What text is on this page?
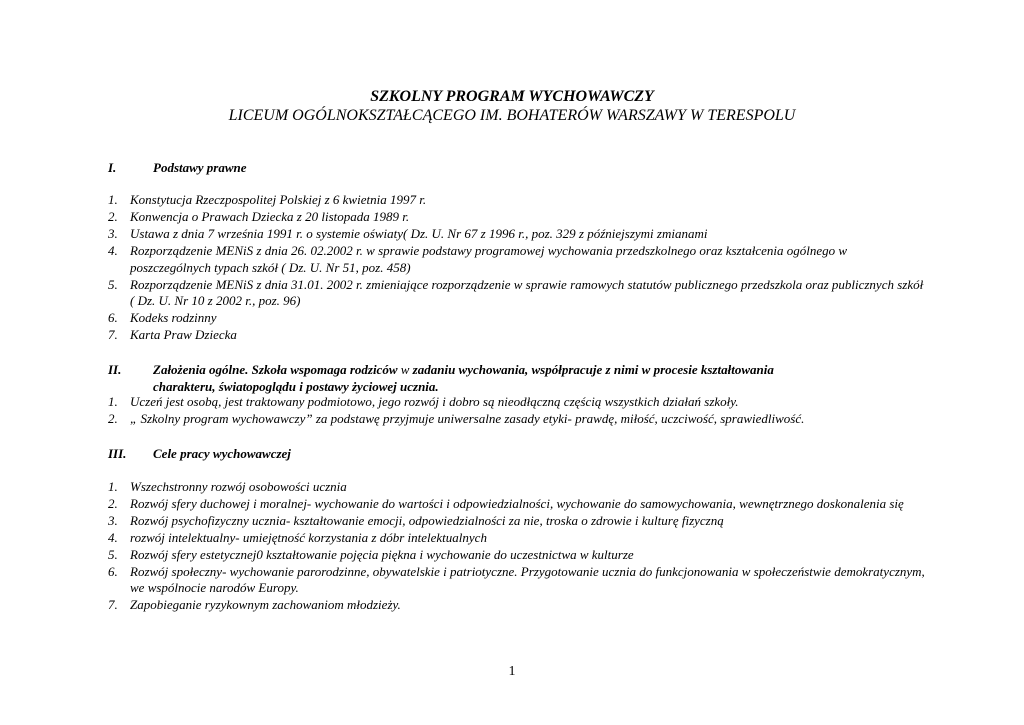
SZKOLNY PROGRAM WYCHOWAWCZY
LICEUM OGÓLNOKSZTAŁCĄCEGO IM. BOHATERÓW WARSZAWY W TERESPOLU
I.	Podstawy prawne
1. Konstytucja Rzeczpospolitej Polskiej z 6 kwietnia 1997 r.
2. Konwencja o Prawach Dziecka z 20 listopada 1989 r.
3. Ustawa z dnia 7 września 1991 r. o systemie oświaty( Dz. U. Nr 67 z 1996 r., poz. 329 z późniejszymi zmianami
4. Rozporządzenie MENiS z dnia 26. 02.2002 r. w sprawie podstawy programowej wychowania przedszkolnego oraz kształcenia ogólnego w poszczególnych typach szkół ( Dz. U. Nr 51, poz. 458)
5. Rozporządzenie MENiS z dnia 31.01. 2002 r. zmieniające rozporządzenie w sprawie ramowych statutów publicznego przedszkola oraz publicznych szkół ( Dz. U. Nr 10 z 2002 r., poz. 96)
6. Kodeks rodzinny
7. Karta Praw Dziecka
II. Założenia ogólne. Szkoła wspomaga rodziców w zadaniu wychowania, współpracuje z nimi w procesie kształtowania
charakteru, światopoglądu i postawy życiowej ucznia.
1. Uczeń jest osobą, jest traktowany podmiotowo, jego rozwój i dobro są nieodłączną częścią wszystkich działań szkoły.
2. „ Szkolny program wychowawczy” za podstawę przyjmuje uniwersalne zasady etyki- prawdę, miłość, uczciwość, sprawiedliwość.
III. Cele pracy wychowawczej
1. Wszechstronny rozwój osobowości ucznia
2. Rozwój sfery duchowej i moralnej- wychowanie do wartości i odpowiedzialności, wychowanie do samowychowania, wewnętrznego doskonalenia się
3. Rozwój psychofizyczny ucznia- kształtowanie emocji, odpowiedzialności za nie, troska o zdrowie i kulturę fizyczną
4. rozwój intelektualny- umiejętność korzystania z dóbr intelektualnych
5. Rozwój sfery estetycznej0 kształtowanie pojęcia piękna i wychowanie do uczestnictwa w kulturze
6. Rozwój społeczny- wychowanie parorodzinne, obywatelskie i patriotyczne. Przygotowanie ucznia do funkcjonowania w społeczeństwie demokratycznym, we wspólnocie narodów Europy.
7. Zapobieganie ryzykownym zachowaniom młodzieży.
1
